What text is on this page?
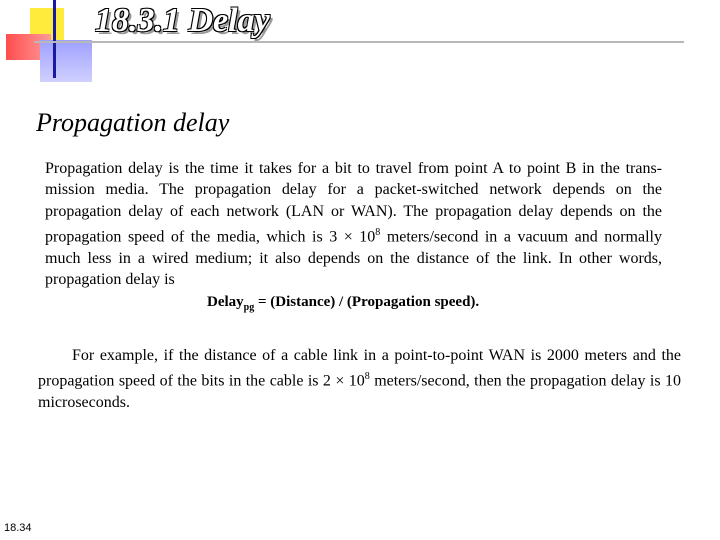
18.3.1 Delay
Propagation delay
Propagation delay is the time it takes for a bit to travel from point A to point B in the trans-mission media. The propagation delay for a packet-switched network depends on the propagation delay of each network (LAN or WAN). The propagation delay depends on the propagation speed of the media, which is $3 \times 10^8$ meters/second in a vacuum and normally much less in a wired medium; it also depends on the distance of the link. In other words, propagation delay is
Delay$_{pg}$ = (Distance) / (Propagation speed).
For example, if the distance of a cable link in a point-to-point WAN is 2000 meters and the propagation speed of the bits in the cable is $2 \times 10^8$ meters/second, then the propagation delay is 10 microseconds.
18.34
